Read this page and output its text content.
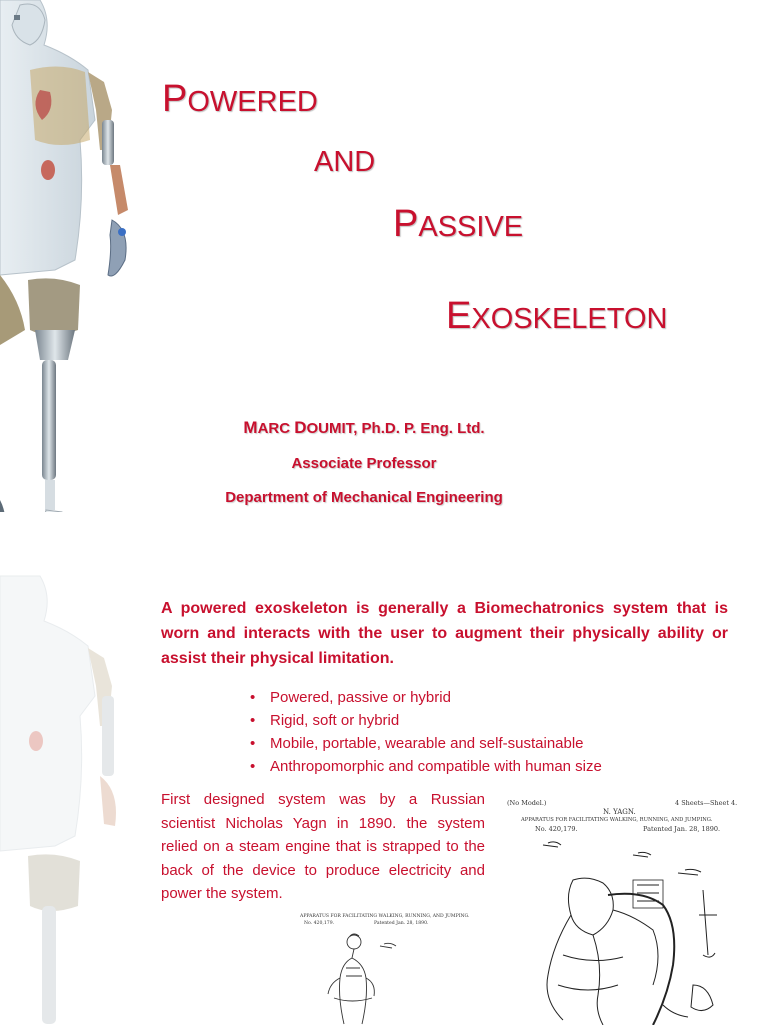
POWERED
AND
PASSIVE
EXOSKELETON
MARC DOUMIT, Ph.D. P. Eng. Ltd.
Associate Professor
Department of Mechanical Engineering
A powered exoskeleton is generally a Biomechatronics system that is worn and interacts with the user to augment their physically ability or assist their physical limitation.
• Powered, passive or hybrid
• Rigid, soft or hybrid
• Mobile, portable, wearable and self-sustainable
• Anthropomorphic and compatible with human size
First designed system was by a Russian scientist Nicholas Yagn in 1890. the system relied on a steam engine that is strapped to the back of the device to produce electricity and power the system.
(No Model.)	4 Sheets—Sheet 4.
N. YAGN.
APPARATUS FOR FACILITATING WALKING, RUNNING, AND JUMPING.
No. 420,179.	Patented Jan. 28, 1890.
APPARATUS FOR FACILITATING WALKING, RUNNING, AND JUMPING.
No. 420,179.	Patented Jan. 28, 1890.
